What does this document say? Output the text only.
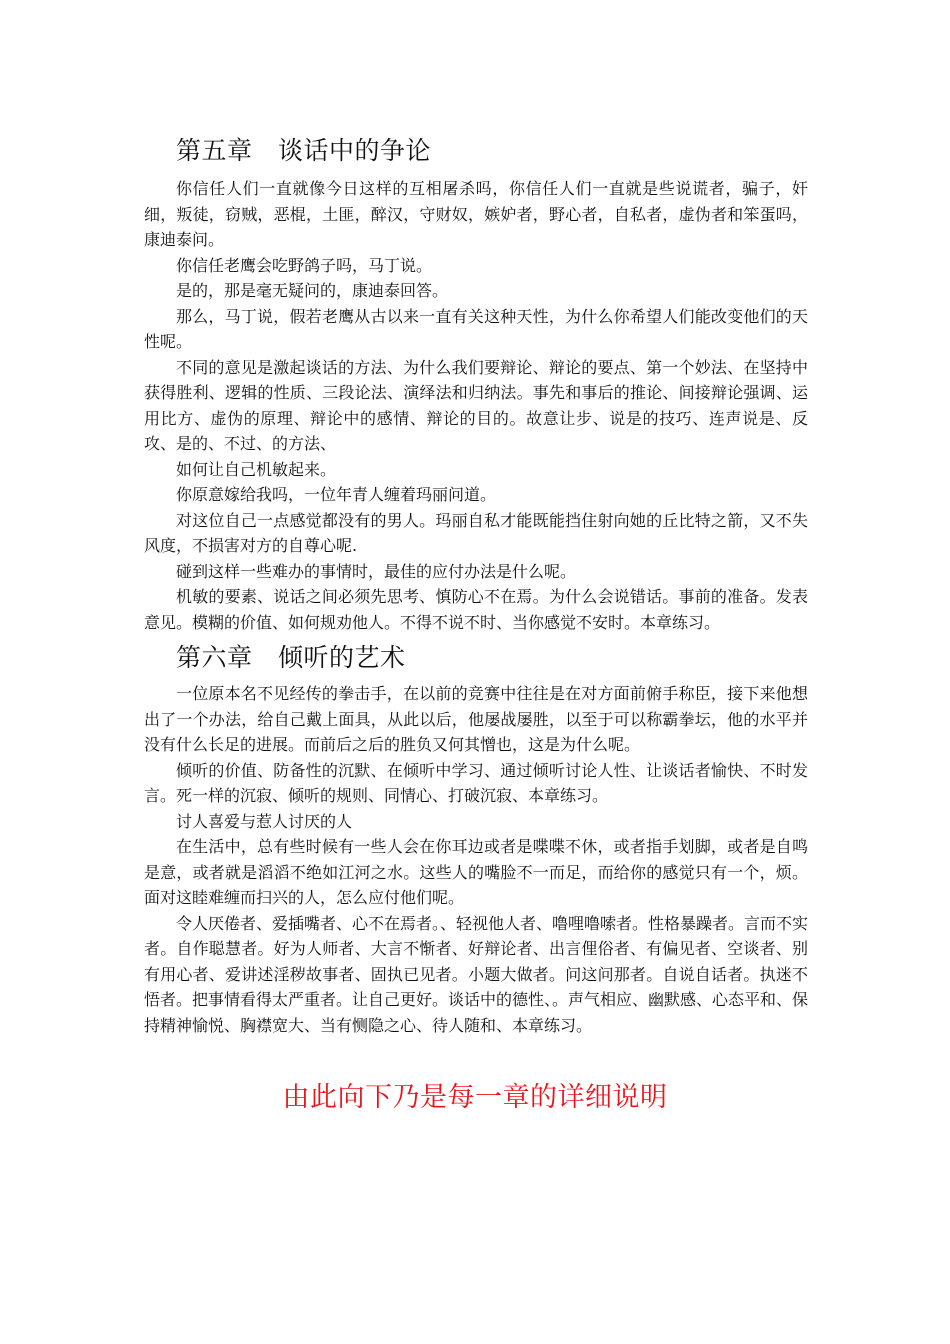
第五章　谈话中的争论

你信任人们一直就像今日这样的互相屠杀吗，你信任人们一直就是些说谎者，骗子，奸细，叛徒，窃贼，恶棍，土匪，醉汉，守财奴，嫉妒者，野心者，自私者，虚伪者和笨蛋吗，康迪泰问。

你信任老鹰会吃野鸽子吗，马丁说。

是的，那是毫无疑问的，康迪泰回答。

那么，马丁说，假若老鹰从古以来一直有关这种天性，为什么你希望人们能改变他们的天性呢。

不同的意见是激起谈话的方法、为什么我们要辩论、辩论的要点、第一个妙法、在坚持中获得胜利、逻辑的性质、三段论法、演绎法和归纳法。事先和事后的推论、间接辩论强调、运用比方、虚伪的原理、辩论中的感情、辩论的目的。故意让步、说是的技巧、连声说是、反攻、是的、不过、的方法、

如何让自己机敏起来。

你原意嫁给我吗，一位年青人缠着玛丽问道。

对这位自己一点感觉都没有的男人。玛丽自私才能既能挡住射向她的丘比特之箭，又不失风度，不损害对方的自尊心呢.

碰到这样一些难办的事情时，最佳的应付办法是什么呢。

机敏的要素、说话之间必须先思考、慎防心不在焉。为什么会说错话。事前的准备。发表意见。模糊的价值、如何规劝他人。不得不说不时、当你感觉不安时。本章练习。

第六章　倾听的艺术

一位原本名不见经传的拳击手，在以前的竞赛中往往是在对方面前俯手称臣，接下来他想出了一个办法，给自己戴上面具，从此以后，他屡战屡胜，以至于可以称霸拳坛，他的水平并没有什么长足的进展。而前后之后的胜负又何其憎也，这是为什么呢。

倾听的价值、防备性的沉默、在倾听中学习、通过倾听讨论人性、让谈话者愉快、不时发言。死一样的沉寂、倾听的规则、同情心、打破沉寂、本章练习。

讨人喜爱与惹人讨厌的人

在生活中，总有些时候有一些人会在你耳边或者是喋喋不休，或者指手划脚，或者是自鸣是意，或者就是滔滔不绝如江河之水。这些人的嘴脸不一而足，而给你的感觉只有一个，烦。面对这睦难缠而扫兴的人，怎么应付他们呢。

令人厌倦者、爱插嘴者、心不在焉者。、轻视他人者、噜哩噜嗦者。性格暴躁者。言而不实者。自作聪慧者。好为人师者、大言不惭者、好辩论者、出言俚俗者、有偏见者、空谈者、别有用心者、爱讲述淫秽故事者、固执已见者。小题大做者。问这问那者。自说自话者。执迷不悟者。把事情看得太严重者。让自己更好。谈话中的德性、。声气相应、幽默感、心态平和、保持精神愉悦、胸襟宽大、当有恻隐之心、待人随和、本章练习。

由此向下乃是每一章的详细说明
